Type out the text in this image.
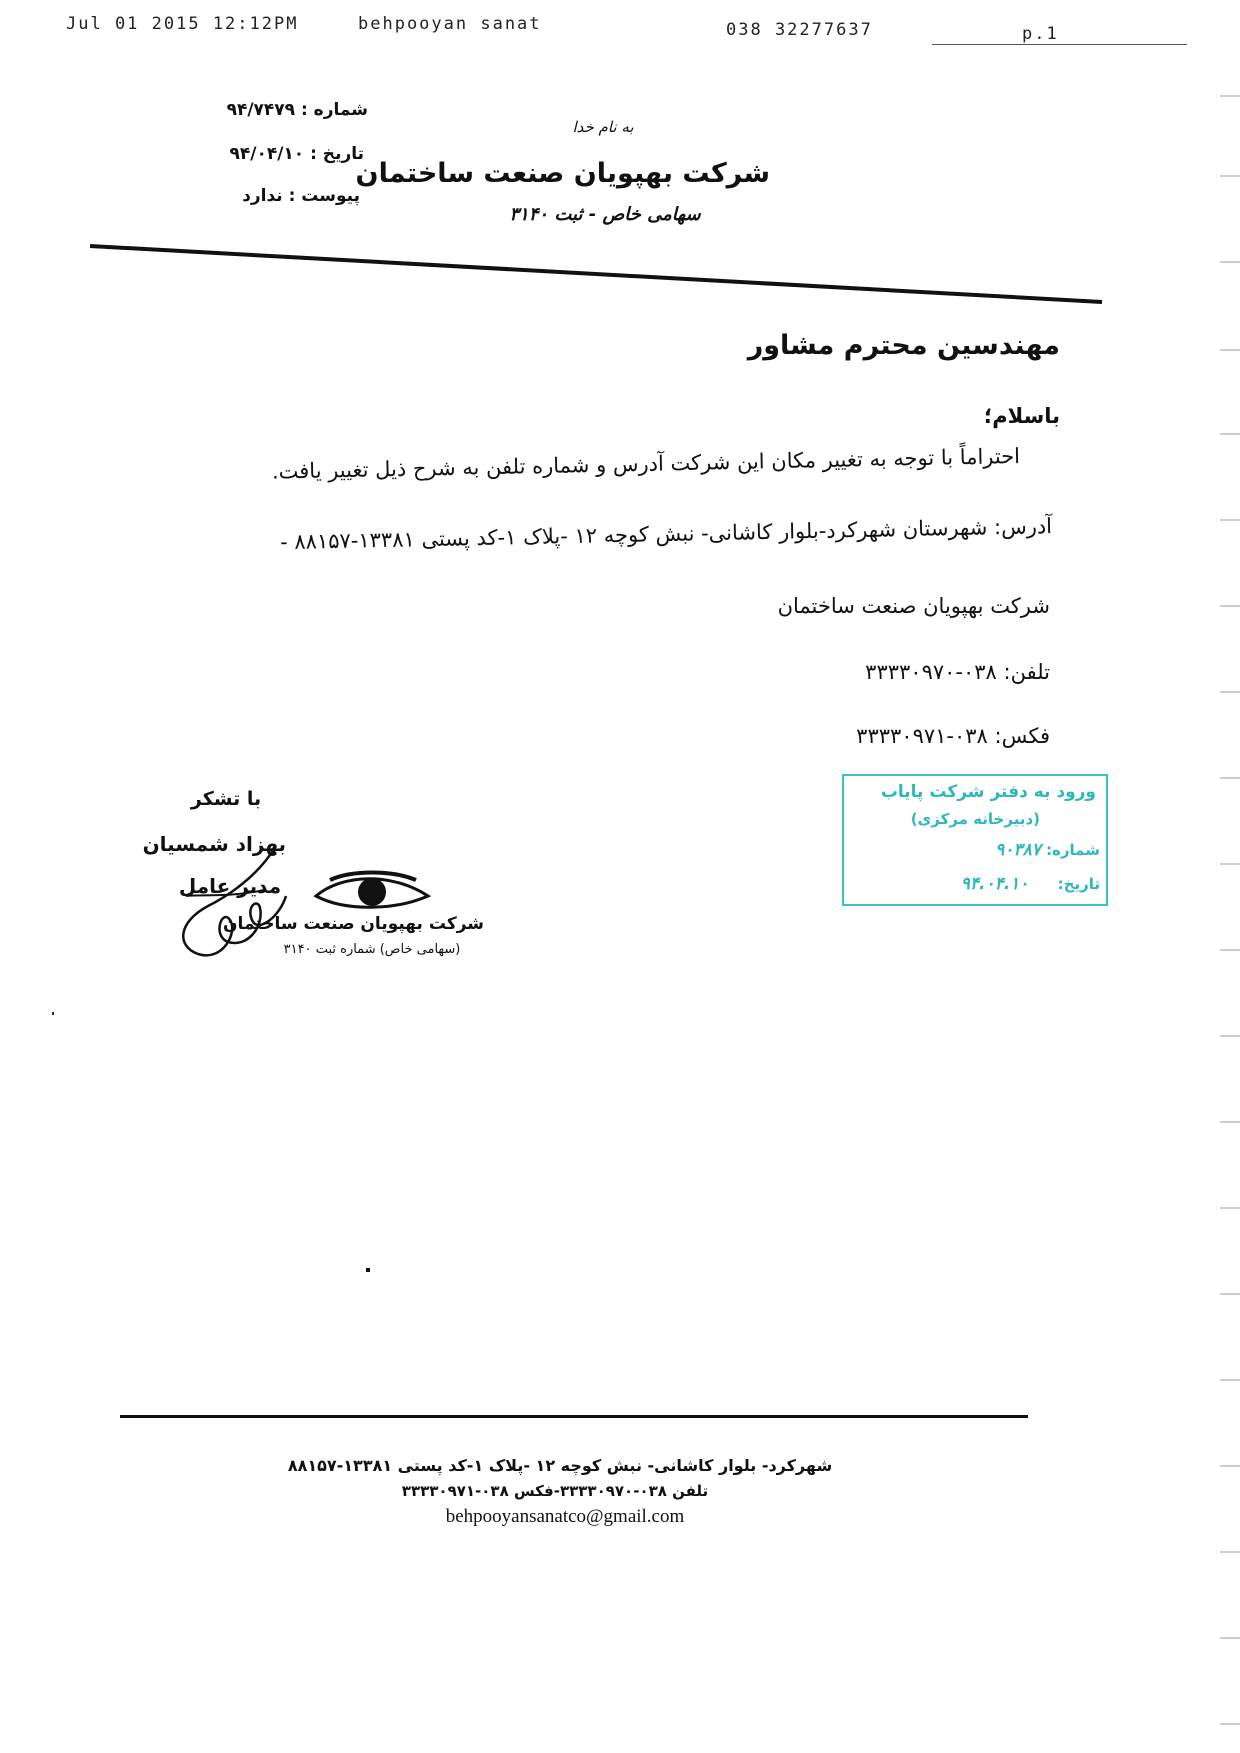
Jul 01 2015 12:12PM	behpooyan sanat	038 32277637	p.1
شماره : ۹۴/۷۴۷۹
تاریخ : ۹۴/۰۴/۱۰
پیوست : ندارد
به نام خدا
شرکت بهپویان صنعت ساختمان
سهامی خاص - ثبت ۳۱۴۰
مهندسین محترم مشاور
باسلام؛
احتراماً با توجه به تغییر مکان این شرکت آدرس و شماره تلفن به شرح ذیل تغییر یافت.
آدرس: شهرستان شهرکرد-بلوار کاشانی- نبش کوچه ۱۲ -پلاک ۱-کد پستی ۱۳۳۸۱-۸۸۱۵۷ -
شرکت بهپویان صنعت ساختمان
تلفن: ۰۳۸-۳۳۳۳۰۹۷۰
فکس: ۰۳۸-۳۳۳۳۰۹۷۱
ورود به دفتر شرکت پایاب
(دبیرخانه مرکزی)
شماره: ۹۰۳۸۷
تاریخ: ۹۴.۰۴.۱۰
با تشکر
بهزاد شمسیان
مدیر عامل
شرکت بهپویان صنعت ساختمان
(سهامی خاص) شماره ثبت ۳۱۴۰
شهرکرد- بلوار کاشانی- نبش کوچه ۱۲ -پلاک ۱-کد پستی ۱۳۳۸۱-۸۸۱۵۷
تلفن ۰۳۸-۳۳۳۳۰۹۷۰-فکس ۰۳۸-۳۳۳۳۰۹۷۱
behpooyansanatco@gmail.com
